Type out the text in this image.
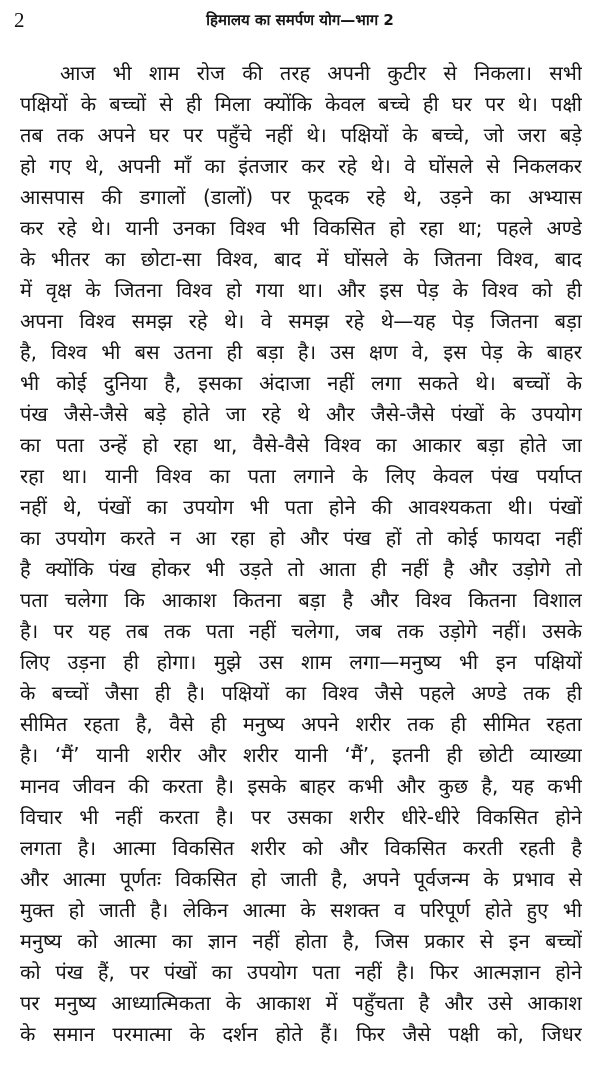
2	हिमालय का समर्पण योग—भाग 2
आज भी शाम रोज की तरह अपनी कुटीर से निकला। सभी
पक्षियों के बच्चों से ही मिला क्योंकि केवल बच्चे ही घर पर थे। पक्षी
तब तक अपने घर पर पहुँचे नहीं थे। पक्षियों के बच्चे, जो जरा बड़े
हो गए थे, अपनी माँ का इंतजार कर रहे थे। वे घोंसले से निकलकर
आसपास की डगालों (डालों) पर फूदक रहे थे, उड़ने का अभ्यास
कर रहे थे। यानी उनका विश्व भी विकसित हो रहा था; पहले अण्डे
के भीतर का छोटा-सा विश्व, बाद में घोंसले के जितना विश्व, बाद
में वृक्ष के जितना विश्व हो गया था। और इस पेड़ के विश्व को ही
अपना विश्व समझ रहे थे। वे समझ रहे थे—यह पेड़ जितना बड़ा
है, विश्व भी बस उतना ही बड़ा है। उस क्षण वे, इस पेड़ के बाहर
भी कोई दुनिया है, इसका अंदाजा नहीं लगा सकते थे। बच्चों के
पंख जैसे-जैसे बड़े होते जा रहे थे और जैसे-जैसे पंखों के उपयोग
का पता उन्हें हो रहा था, वैसे-वैसे विश्व का आकार बड़ा होते जा
रहा था। यानी विश्व का पता लगाने के लिए केवल पंख पर्याप्त
नहीं थे, पंखों का उपयोग भी पता होने की आवश्यकता थी। पंखों
का उपयोग करते न आ रहा हो और पंख हों तो कोई फायदा नहीं
है क्योंकि पंख होकर भी उड़ते तो आता ही नहीं है और उड़ोगे तो
पता चलेगा कि आकाश कितना बड़ा है और विश्व कितना विशाल
है। पर यह तब तक पता नहीं चलेगा, जब तक उड़ोगे नहीं। उसके
लिए उड़ना ही होगा। मुझे उस शाम लगा—मनुष्य भी इन पक्षियों
के बच्चों जैसा ही है। पक्षियों का विश्व जैसे पहले अण्डे तक ही
सीमित रहता है, वैसे ही मनुष्य अपने शरीर तक ही सीमित रहता
है। ‘मैं’ यानी शरीर और शरीर यानी ‘मैं’, इतनी ही छोटी व्याख्या
मानव जीवन की करता है। इसके बाहर कभी और कुछ है, यह कभी
विचार भी नहीं करता है। पर उसका शरीर धीरे-धीरे विकसित होने
लगता है। आत्मा विकसित शरीर को और विकसित करती रहती है
और आत्मा पूर्णतः विकसित हो जाती है, अपने पूर्वजन्म के प्रभाव से
मुक्त हो जाती है। लेकिन आत्मा के सशक्त व परिपूर्ण होते हुए भी
मनुष्य को आत्मा का ज्ञान नहीं होता है, जिस प्रकार से इन बच्चों
को पंख हैं, पर पंखों का उपयोग पता नहीं है। फिर आत्मज्ञान होने
पर मनुष्य आध्यात्मिकता के आकाश में पहुँचता है और उसे आकाश
के समान परमात्मा के दर्शन होते हैं। फिर जैसे पक्षी को, जिधर
